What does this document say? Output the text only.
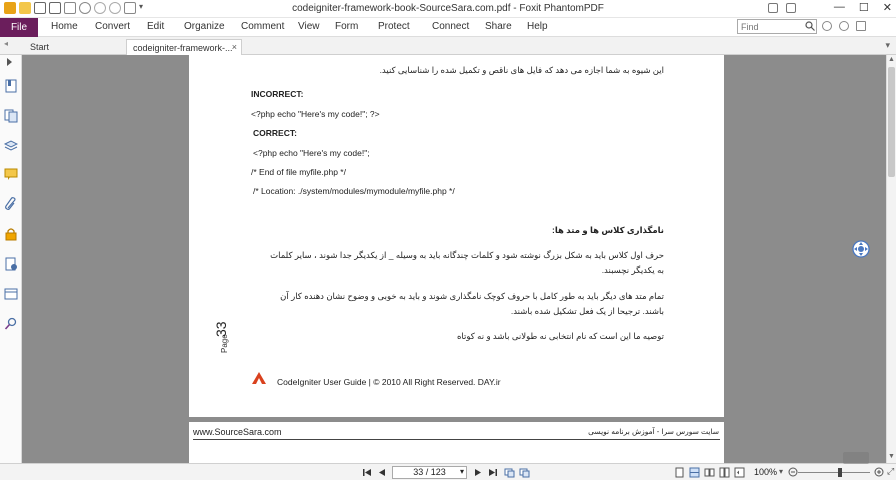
▾	codeigniter-framework-book-SourceSara.com.pdf - Foxit PhantomPDF	— ☐ ✕
File	Home Convert Edit Organize Comment View Form Protect Connect Share Help
Find
◂	Start	codeigniter-framework-... ×	▾
این شیوه به شما اجازه می دهد که فایل های ناقص و تکمیل شده را شناسایی کنید.
INCORRECT:
<?php echo "Here's my code!"; ?>
CORRECT:
<?php echo "Here's my code!";
/* End of file myfile.php */
/* Location: ./system/modules/mymodule/myfile.php */
نامگذاری کلاس ها و متد ها:
حرف اول کلاس باید به شکل بزرگ نوشته شود و کلمات چندگانه باید به وسیله _ از یکدیگر جدا شوند ، سایر کلمات
به یکدیگر نچسبند.
تمام متد های دیگر باید به طور کامل با حروف کوچک نامگذاری شوند و باید به خوبی و وضوح نشان دهنده کار آن
باشند. ترجیحا از یک فعل تشکیل شده باشند.
توصیه ما این است که نام انتخابی نه طولانی باشد و نه کوتاه
Page
33
CodeIgniter User Guide | © 2010 All Right Reserved. DAY.ir
www.SourceSara.com	سایت سورس سرا - آموزش برنامه نویسی
▲
▼
33 / 123 ▾	100% ▾	⤢
